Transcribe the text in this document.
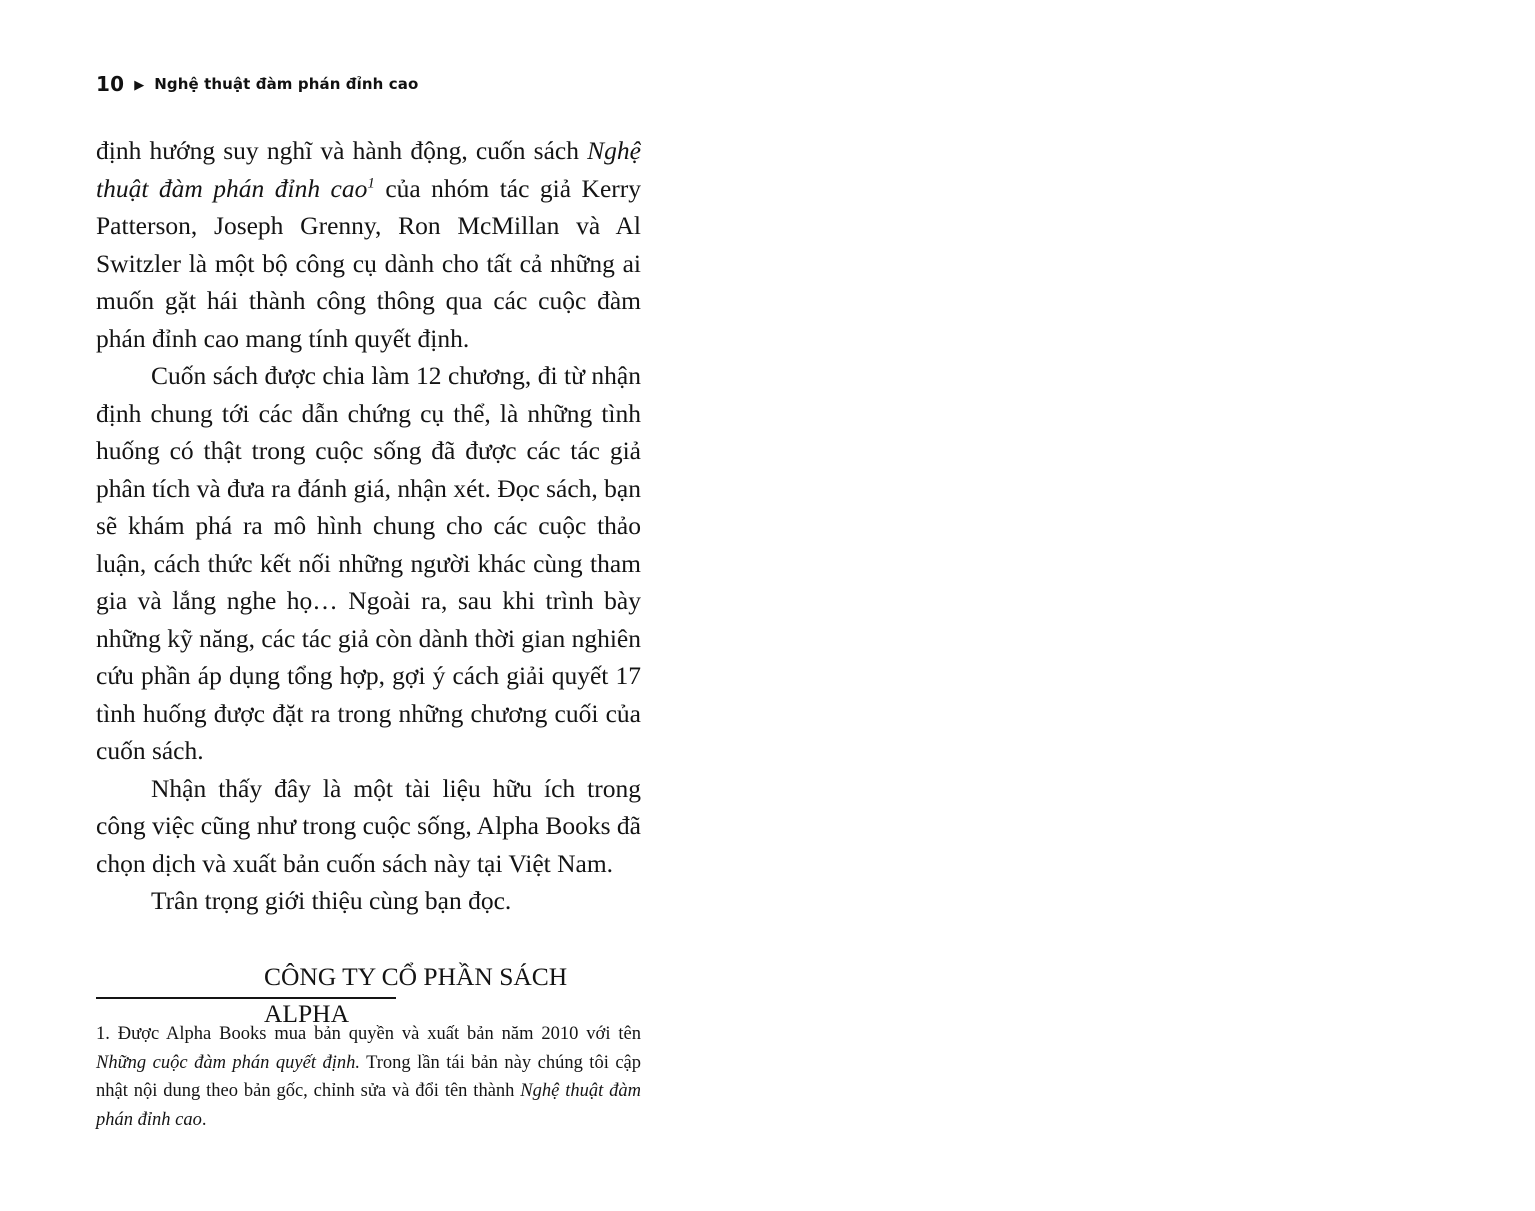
10 ▶ Nghệ thuật đàm phán đỉnh cao

định hướng suy nghĩ và hành động, cuốn sách Nghệ thuật đàm phán đỉnh cao$^1$ của nhóm tác giả Kerry Patterson, Joseph Grenny, Ron McMillan và Al Switzler là một bộ công cụ dành cho tất cả những ai muốn gặt hái thành công thông qua các cuộc đàm phán đỉnh cao mang tính quyết định.

Cuốn sách được chia làm 12 chương, đi từ nhận định chung tới các dẫn chứng cụ thể, là những tình huống có thật trong cuộc sống đã được các tác giả phân tích và đưa ra đánh giá, nhận xét. Đọc sách, bạn sẽ khám phá ra mô hình chung cho các cuộc thảo luận, cách thức kết nối những người khác cùng tham gia và lắng nghe họ… Ngoài ra, sau khi trình bày những kỹ năng, các tác giả còn dành thời gian nghiên cứu phần áp dụng tổng hợp, gợi ý cách giải quyết 17 tình huống được đặt ra trong những chương cuối của cuốn sách.

Nhận thấy đây là một tài liệu hữu ích trong công việc cũng như trong cuộc sống, Alpha Books đã chọn dịch và xuất bản cuốn sách này tại Việt Nam.

Trân trọng giới thiệu cùng bạn đọc.

CÔNG TY CỔ PHẦN SÁCH ALPHA

1. Được Alpha Books mua bản quyền và xuất bản năm 2010 với tên Những cuộc đàm phán quyết định. Trong lần tái bản này chúng tôi cập nhật nội dung theo bản gốc, chỉnh sửa và đổi tên thành Nghệ thuật đàm phán đỉnh cao.
